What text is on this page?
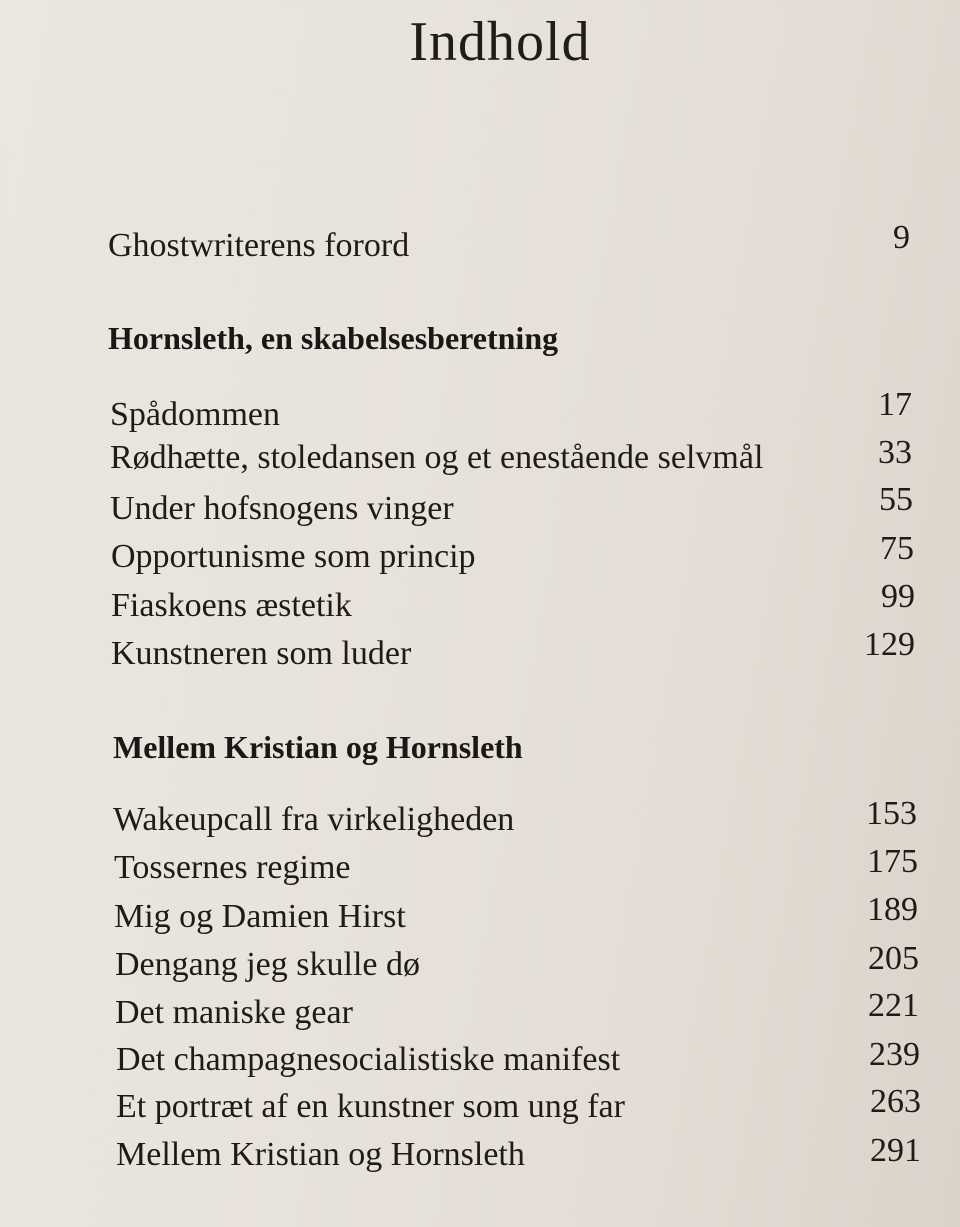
Indhold
Ghostwriterens forord	9
Hornsleth, en skabelsesberetning
Spådommen	17
Rødhætte, stoledansen og et enestående selvmål	33
Under hofsnogens vinger	55
Opportunisme som princip	75
Fiaskoens æstetik	99
Kunstneren som luder	129
Mellem Kristian og Hornsleth
Wakeupcall fra virkeligheden	153
Tossernes regime	175
Mig og Damien Hirst	189
Dengang jeg skulle dø	205
Det maniske gear	221
Det champagnesocialistiske manifest	239
Et portræt af en kunstner som ung far	263
Mellem Kristian og Hornsleth	291
